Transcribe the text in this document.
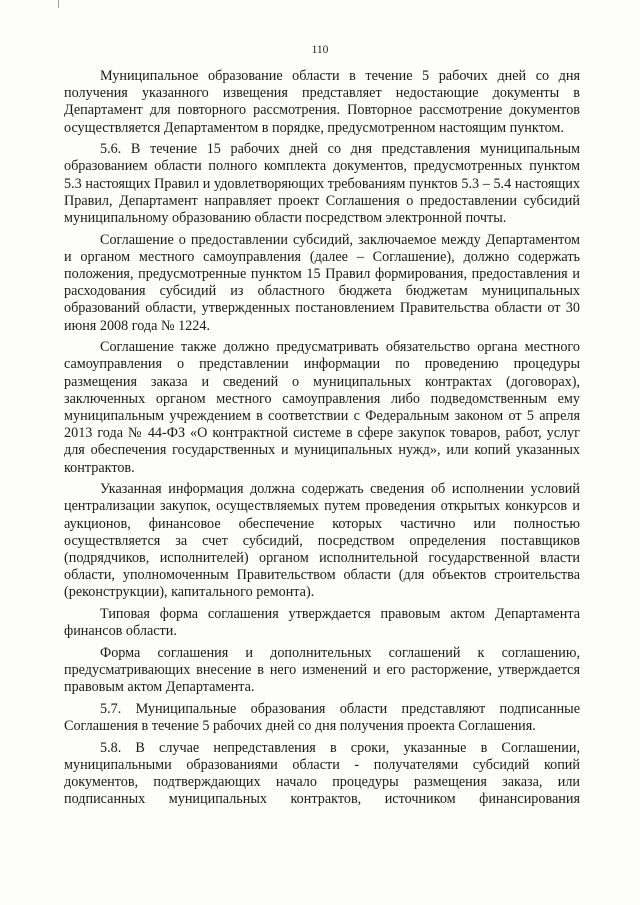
110

Муниципальное образование области в течение 5 рабочих дней со дня получения указанного извещения представляет недостающие документы в Департамент для повторного рассмотрения. Повторное рассмотрение документов осуществляется Департаментом в порядке, предусмотренном настоящим пунктом.

5.6. В течение 15 рабочих дней со дня представления муниципальным образованием области полного комплекта документов, предусмотренных пунктом 5.3 настоящих Правил и удовлетворяющих требованиям пунктов 5.3 – 5.4 настоящих Правил, Департамент направляет проект Соглашения о предоставлении субсидий муниципальному образованию области посредством электронной почты.

Соглашение о предоставлении субсидий, заключаемое между Департаментом и органом местного самоуправления (далее – Соглашение), должно содержать положения, предусмотренные пунктом 15 Правил формирования, предоставления и расходования субсидий из областного бюджета бюджетам муниципальных образований области, утвержденных постановлением Правительства области от 30 июня 2008 года № 1224.

Соглашение также должно предусматривать обязательство органа местного самоуправления о представлении информации по проведению процедуры размещения заказа и сведений о муниципальных контрактах (договорах), заключенных органом местного самоуправления либо подведомственным ему муниципальным учреждением в соответствии с Федеральным законом от 5 апреля 2013 года № 44-ФЗ «О контрактной системе в сфере закупок товаров, работ, услуг для обеспечения государственных и муниципальных нужд», или копий указанных контрактов.

Указанная информация должна содержать сведения об исполнении условий централизации закупок, осуществляемых путем проведения открытых конкурсов и аукционов, финансовое обеспечение которых частично или полностью осуществляется за счет субсидий, посредством определения поставщиков (подрядчиков, исполнителей) органом исполнительной государственной власти области, уполномоченным Правительством области (для объектов строительства (реконструкции), капитального ремонта).

Типовая форма соглашения утверждается правовым актом Департамента финансов области.

Форма соглашения и дополнительных соглашений к соглашению, предусматривающих внесение в него изменений и его расторжение, утверждается правовым актом Департамента.

5.7. Муниципальные образования области представляют подписанные Соглашения в течение 5 рабочих дней со дня получения проекта Соглашения.

5.8. В случае непредставления в сроки, указанные в Соглашении, муниципальными образованиями области - получателями субсидий копий документов, подтверждающих начало процедуры размещения заказа, или подписанных муниципальных контрактов, источником финансирования
